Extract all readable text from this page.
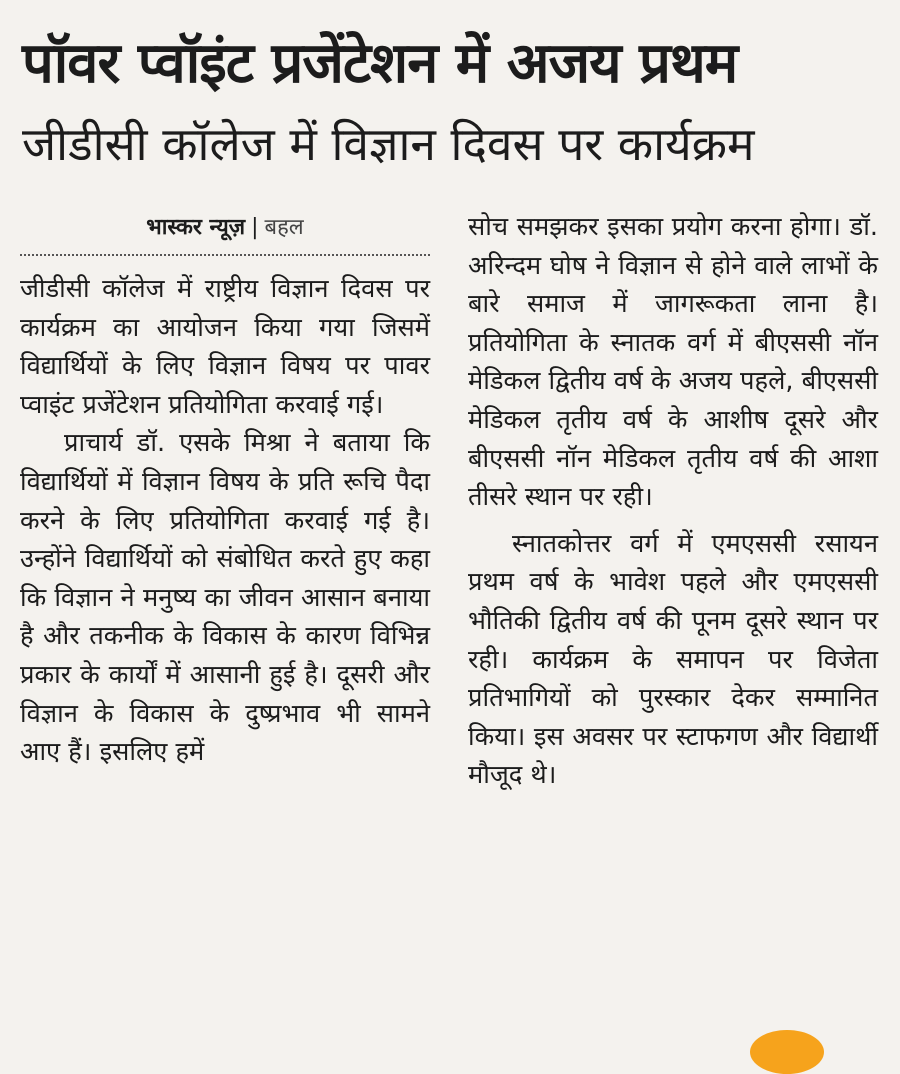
पॉवर प्वॉइंट प्रजेंटेशन में अजय प्रथम
जीडीसी कॉलेज में विज्ञान दिवस पर कार्यक्रम
भास्कर न्यूज़ | बहल

जीडीसी कॉलेज में राष्ट्रीय विज्ञान दिवस पर कार्यक्रम का आयोजन किया गया जिसमें विद्यार्थियों के लिए विज्ञान विषय पर पावर प्वाइंट प्रजेंटेशन प्रतियोगिता करवाई गई।

प्राचार्य डॉ. एसके मिश्रा ने बताया कि विद्यार्थियों में विज्ञान विषय के प्रति रूचि पैदा करने के लिए प्रतियोगिता करवाई गई है। उन्होंने विद्यार्थियों को संबोधित करते हुए कहा कि विज्ञान ने मनुष्य का जीवन आसान बनाया है और तकनीक के विकास के कारण विभिन्न प्रकार के कार्यों में आसानी हुई है। दूसरी और विज्ञान के विकास के दुष्प्रभाव भी सामने आए हैं। इसलिए हमें

सोच समझकर इसका प्रयोग करना होगा। डॉ. अरिन्दम घोष ने विज्ञान से होने वाले लाभों के बारे समाज में जागरूकता लाना है। प्रतियोगिता के स्नातक वर्ग में बीएससी नॉन मेडिकल द्वितीय वर्ष के अजय पहले, बीएससी मेडिकल तृतीय वर्ष के आशीष दूसरे और बीएससी नॉन मेडिकल तृतीय वर्ष की आशा तीसरे स्थान पर रही।

स्नातकोत्तर वर्ग में एमएससी रसायन प्रथम वर्ष के भावेश पहले और एमएससी भौतिकी द्वितीय वर्ष की पूनम दूसरे स्थान पर रही। कार्यक्रम के समापन पर विजेता प्रतिभागियों को पुरस्कार देकर सम्मानित किया। इस अवसर पर स्टाफगण और विद्यार्थी मौजूद थे।
